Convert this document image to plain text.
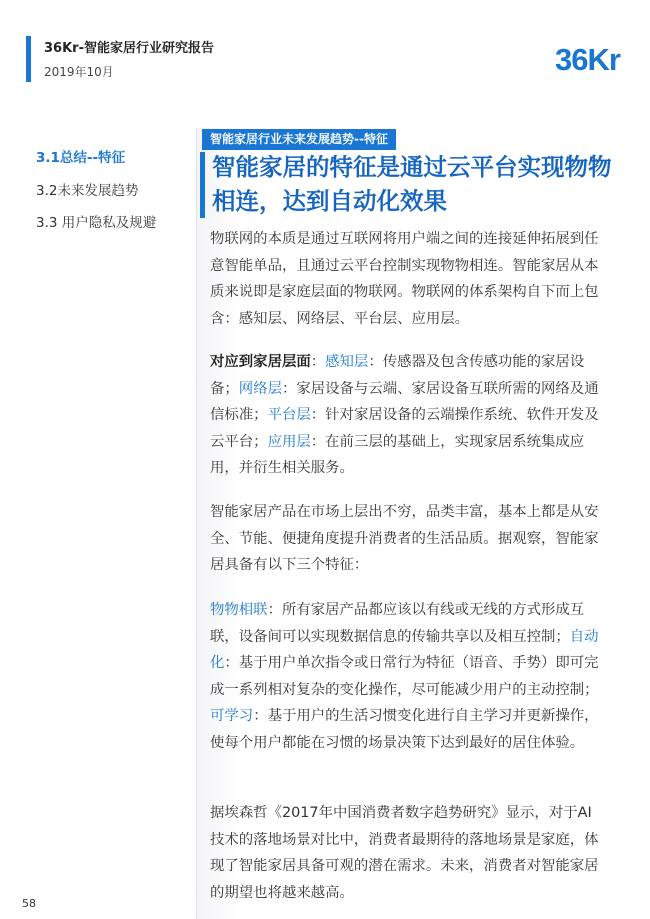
36Kr-智能家居行业研究报告
2019年10月	36Kr
3.1总结--特征
3.2未来发展趋势
3.3 用户隐私及规避
智能家居行业未来发展趋势--特征
智能家居的特征是通过云平台实现物物相连，达到自动化效果

物联网的本质是通过互联网将用户端之间的连接延伸拓展到任意智能单品，且通过云平台控制实现物物相连。智能家居从本质来说即是家庭层面的物联网。物联网的体系架构自下而上包含：感知层、网络层、平台层、应用层。

对应到家居层面：感知层：传感器及包含传感功能的家居设备；网络层：家居设备与云端、家居设备互联所需的网络及通信标准；平台层：针对家居设备的云端操作系统、软件开发及云平台；应用层：在前三层的基础上，实现家居系统集成应用，并衍生相关服务。

智能家居产品在市场上层出不穷，品类丰富，基本上都是从安全、节能、便捷角度提升消费者的生活品质。据观察，智能家居具备有以下三个特征：

物物相联：所有家居产品都应该以有线或无线的方式形成互联，设备间可以实现数据信息的传输共享以及相互控制；自动化：基于用户单次指令或日常行为特征（语音、手势）即可完成一系列相对复杂的变化操作，尽可能减少用户的主动控制；可学习：基于用户的生活习惯变化进行自主学习并更新操作，使每个用户都能在习惯的场景决策下达到最好的居住体验。

据埃森哲《2017年中国消费者数字趋势研究》显示，对于AI技术的落地场景对比中，消费者最期待的落地场景是家庭，体现了智能家居具备可观的潜在需求。未来，消费者对智能家居的期望也将越来越高。

58
